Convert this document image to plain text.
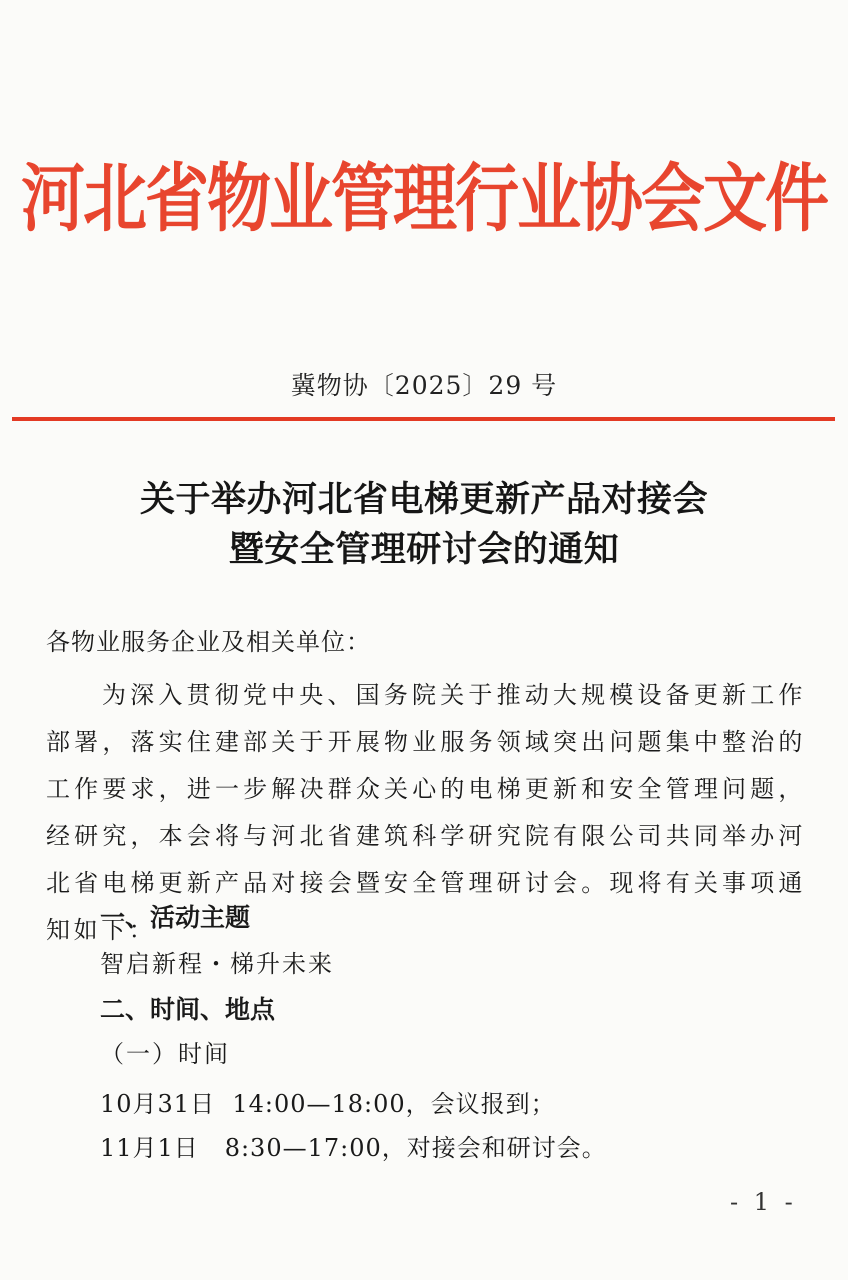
河北省物业管理行业协会文件
冀物协〔2025〕29 号
关于举办河北省电梯更新产品对接会
暨安全管理研讨会的通知
各物业服务企业及相关单位：

为深入贯彻党中央、国务院关于推动大规模设备更新工作部署，落实住建部关于开展物业服务领域突出问题集中整治的工作要求，进一步解决群众关心的电梯更新和安全管理问题，经研究，本会将与河北省建筑科学研究院有限公司共同举办河北省电梯更新产品对接会暨安全管理研讨会。现将有关事项通知如下：

一、活动主题
智启新程・梯升未来
二、时间、地点
（一）时间
10月31日  14:00—18:00，会议报到；
11月1日   8:30—17:00，对接会和研讨会。
- 1 -
